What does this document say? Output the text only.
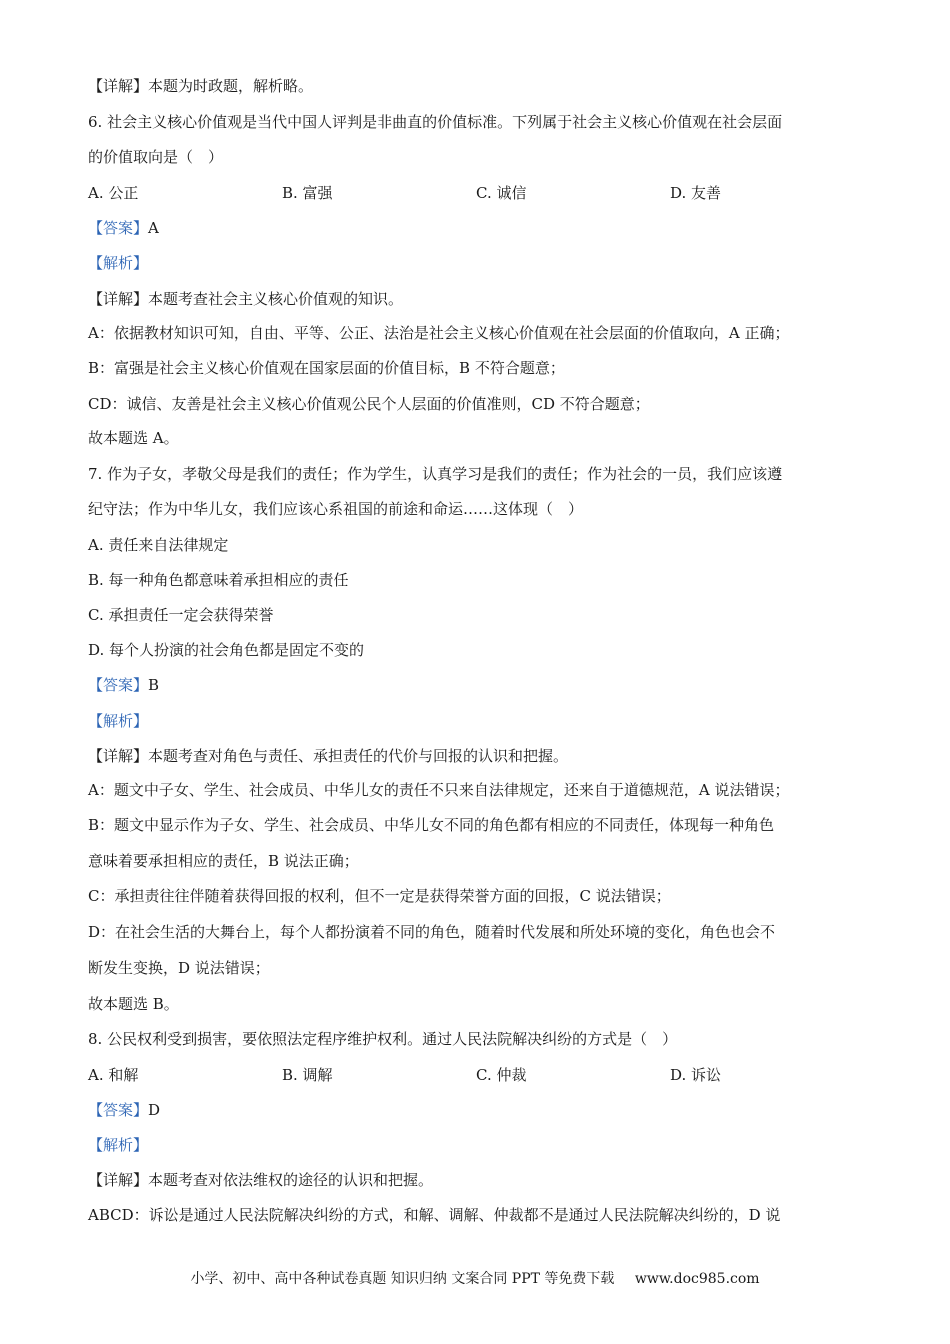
【详解】本题为时政题，解析略。
6. 社会主义核心价值观是当代中国人评判是非曲直的价值标准。下列属于社会主义核心价值观在社会层面
的价值取向是（　）
A. 公正	B. 富强	C. 诚信	D. 友善
【答案】A
【解析】
【详解】本题考查社会主义核心价值观的知识。
A：依据教材知识可知，自由、平等、公正、法治是社会主义核心价值观在社会层面的价值取向，A 正确；
B：富强是社会主义核心价值观在国家层面的价值目标，B 不符合题意；
CD：诚信、友善是社会主义核心价值观公民个人层面的价值准则，CD 不符合题意；
故本题选 A。
7. 作为子女，孝敬父母是我们的责任；作为学生，认真学习是我们的责任；作为社会的一员，我们应该遵
纪守法；作为中华儿女，我们应该心系祖国的前途和命运……这体现（　）
A. 责任来自法律规定
B. 每一种角色都意味着承担相应的责任
C. 承担责任一定会获得荣誉
D. 每个人扮演的社会角色都是固定不变的
【答案】B
【解析】
【详解】本题考查对角色与责任、承担责任的代价与回报的认识和把握。
A：题文中子女、学生、社会成员、中华儿女的责任不只来自法律规定，还来自于道德规范，A 说法错误；
B：题文中显示作为子女、学生、社会成员、中华儿女不同的角色都有相应的不同责任，体现每一种角色
意味着要承担相应的责任，B 说法正确；
C：承担责往往伴随着获得回报的权利，但不一定是获得荣誉方面的回报，C 说法错误；
D：在社会生活的大舞台上，每个人都扮演着不同的角色，随着时代发展和所处环境的变化，角色也会不
断发生变换，D 说法错误；
故本题选 B。
8. 公民权利受到损害，要依照法定程序维护权利。通过人民法院解决纠纷的方式是（　）
A. 和解	B. 调解	C. 仲裁	D. 诉讼
【答案】D
【解析】
【详解】本题考查对依法维权的途径的认识和把握。
ABCD：诉讼是通过人民法院解决纠纷的方式，和解、调解、仲裁都不是通过人民法院解决纠纷的，D 说
小学、初中、高中各种试卷真题 知识归纳 文案合同 PPT 等免费下载 www.doc985.com
